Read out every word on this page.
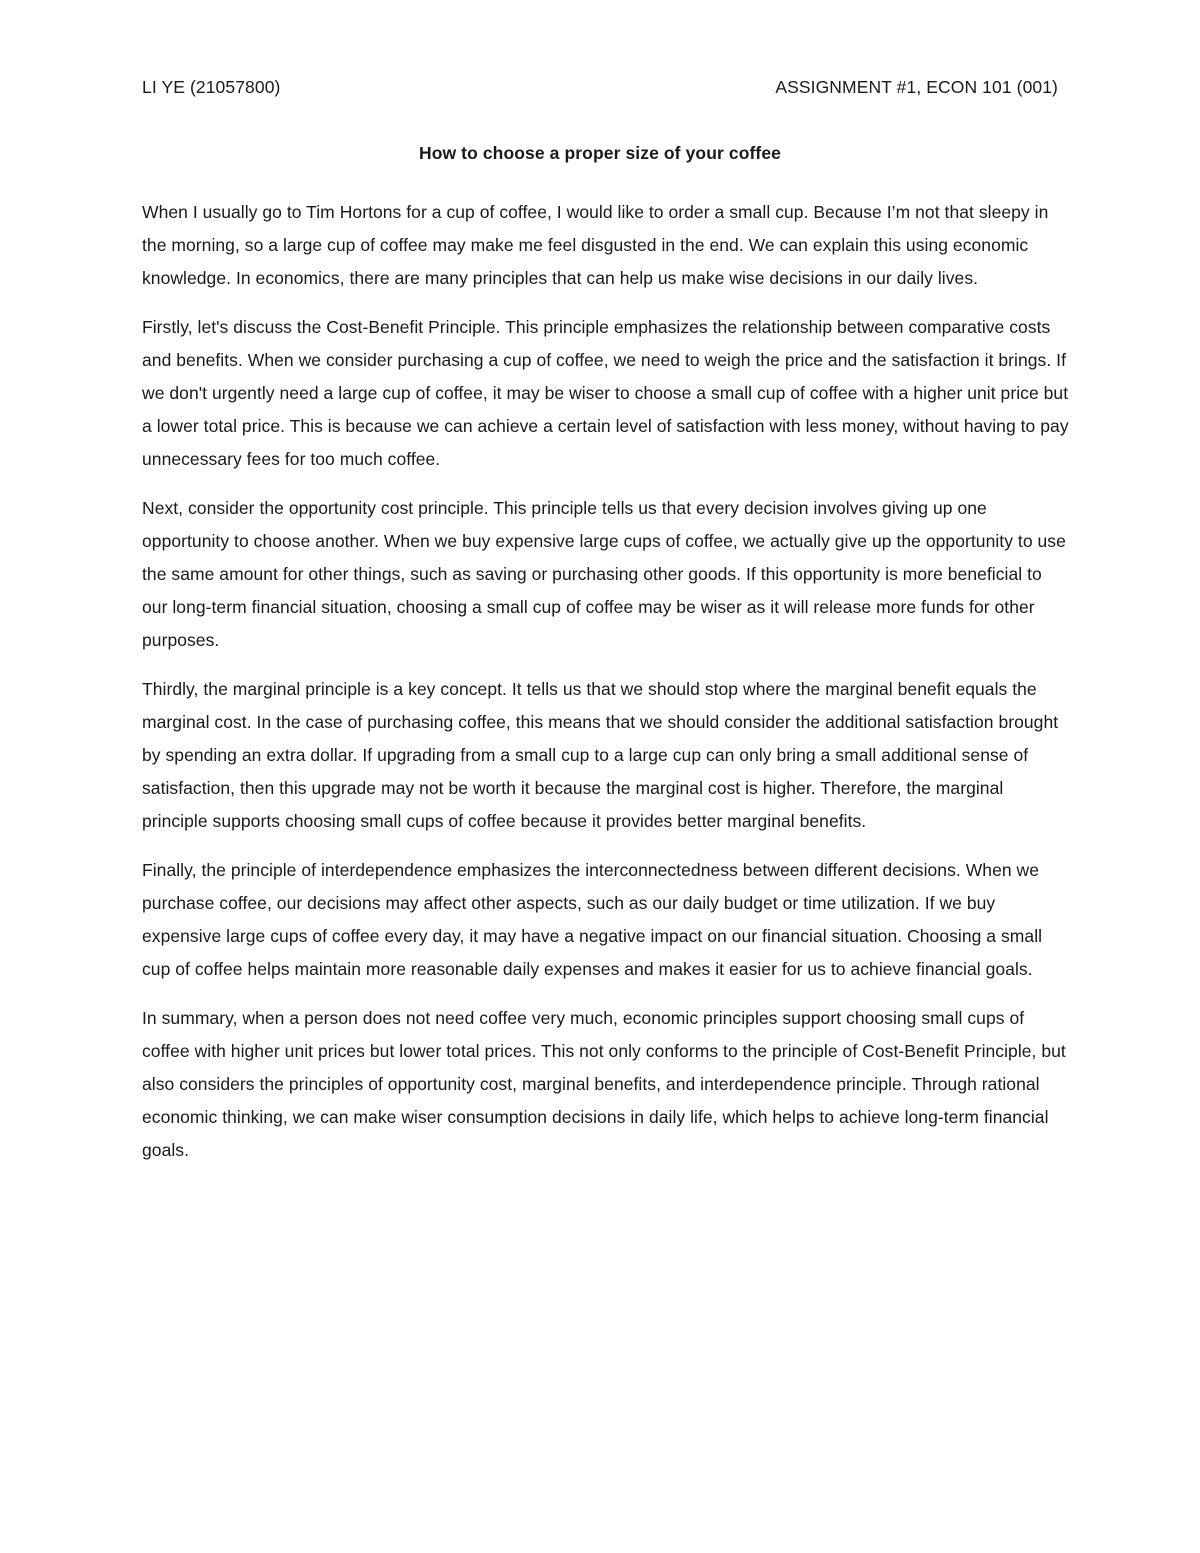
LI YE (21057800)	ASSIGNMENT #1, ECON 101 (001)
How to choose a proper size of your coffee

When I usually go to Tim Hortons for a cup of coffee, I would like to order a small cup. Because I’m not that sleepy in the morning, so a large cup of coffee may make me feel disgusted in the end. We can explain this using economic knowledge. In economics, there are many principles that can help us make wise decisions in our daily lives.

Firstly, let's discuss the Cost-Benefit Principle. This principle emphasizes the relationship between comparative costs and benefits. When we consider purchasing a cup of coffee, we need to weigh the price and the satisfaction it brings. If we don't urgently need a large cup of coffee, it may be wiser to choose a small cup of coffee with a higher unit price but a lower total price. This is because we can achieve a certain level of satisfaction with less money, without having to pay unnecessary fees for too much coffee.

Next, consider the opportunity cost principle. This principle tells us that every decision involves giving up one opportunity to choose another. When we buy expensive large cups of coffee, we actually give up the opportunity to use the same amount for other things, such as saving or purchasing other goods. If this opportunity is more beneficial to our long-term financial situation, choosing a small cup of coffee may be wiser as it will release more funds for other purposes.

Thirdly, the marginal principle is a key concept. It tells us that we should stop where the marginal benefit equals the marginal cost. In the case of purchasing coffee, this means that we should consider the additional satisfaction brought by spending an extra dollar. If upgrading from a small cup to a large cup can only bring a small additional sense of satisfaction, then this upgrade may not be worth it because the marginal cost is higher. Therefore, the marginal principle supports choosing small cups of coffee because it provides better marginal benefits.

Finally, the principle of interdependence emphasizes the interconnectedness between different decisions. When we purchase coffee, our decisions may affect other aspects, such as our daily budget or time utilization. If we buy expensive large cups of coffee every day, it may have a negative impact on our financial situation. Choosing a small cup of coffee helps maintain more reasonable daily expenses and makes it easier for us to achieve financial goals.

In summary, when a person does not need coffee very much, economic principles support choosing small cups of coffee with higher unit prices but lower total prices. This not only conforms to the principle of Cost-Benefit Principle, but also considers the principles of opportunity cost, marginal benefits, and interdependence principle. Through rational economic thinking, we can make wiser consumption decisions in daily life, which helps to achieve long-term financial goals.
